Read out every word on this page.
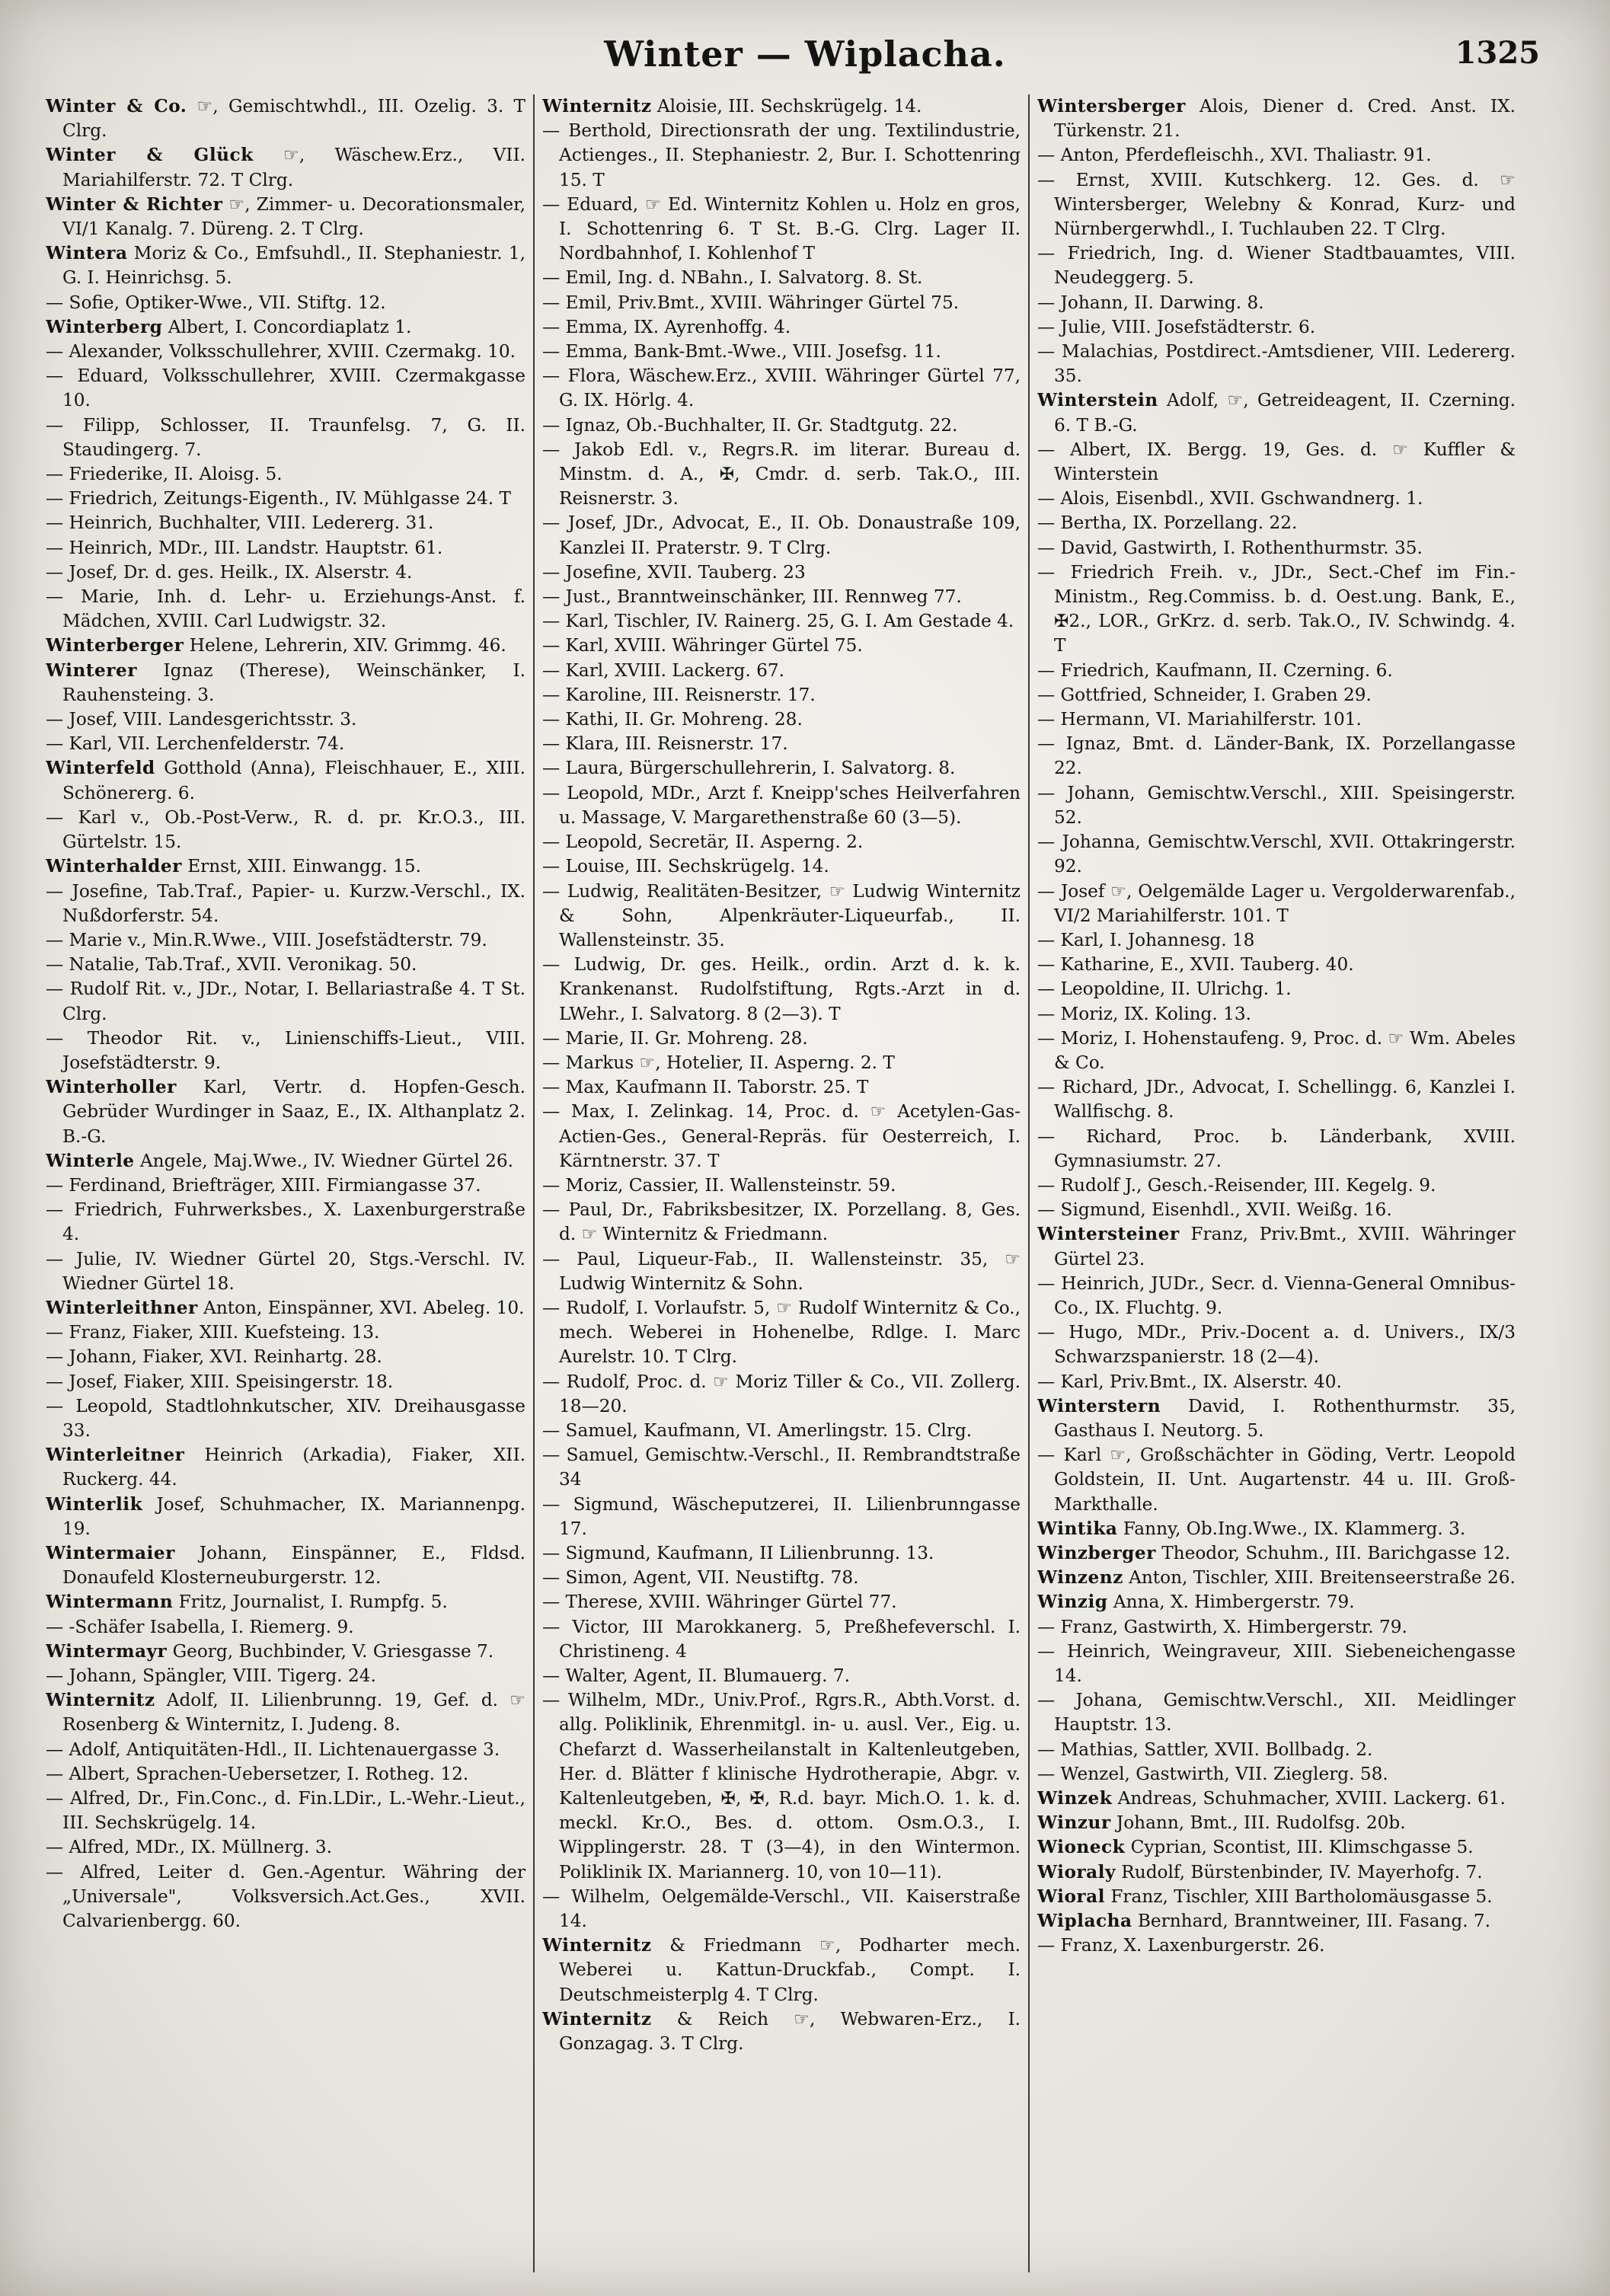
Winter — Wiplacha.	1325
Winter & Co. ☞, Gemischtwhdl., III. Ozelig. 3. T Clrg.
Winter & Glück ☞, Wäschew.Erz., VII. Mariahilferstr. 72. T Clrg.
Winter & Richter ☞, Zimmer- u. Decorationsmaler, VI/1 Kanalg. 7. Düreng. 2. T Clrg.
Wintera Moriz & Co., Emfsuhdl., II. Stephaniestr. 1, G. I. Heinrichsg. 5.
— Sofie, Optiker-Wwe., VII. Stiftg. 12.
Winterberg Albert, I. Concordiaplatz 1.
— Alexander, Volksschullehrer, XVIII. Czermakg. 10.
— Eduard, Volksschullehrer, XVIII. Czermakgasse 10.
— Filipp, Schlosser, II. Traunfelsg. 7, G. II. Staudingerg. 7.
— Friederike, II. Aloisg. 5.
— Friedrich, Zeitungs-Eigenth., IV. Mühlgasse 24. T
— Heinrich, Buchhalter, VIII. Ledererg. 31.
— Heinrich, MDr., III. Landstr. Hauptstr. 61.
— Josef, Dr. d. ges. Heilk., IX. Alserstr. 4.
— Marie, Inh. d. Lehr- u. Erziehungs-Anst. f. Mädchen, XVIII. Carl Ludwigstr. 32.
Winterberger Helene, Lehrerin, XIV. Grimmg. 46.
Winterer Ignaz (Therese), Weinschänker, I. Rauhensteing. 3.
— Josef, VIII. Landesgerichtsstr. 3.
— Karl, VII. Lerchenfelderstr. 74.
Winterfeld Gotthold (Anna), Fleischhauer, E., XIII. Schönererg. 6.
— Karl v., Ob.-Post-Verw., R. d. pr. Kr.O.3., III. Gürtelstr. 15.
Winterhalder Ernst, XIII. Einwangg. 15.
— Josefine, Tab.Traf., Papier- u. Kurzw.-Verschl., IX. Nußdorferstr. 54.
— Marie v., Min.R.Wwe., VIII. Josefstädterstr. 79.
— Natalie, Tab.Traf., XVII. Veronikag. 50.
— Rudolf Rit. v., JDr., Notar, I. Bellariastraße 4. T St. Clrg.
— Theodor Rit. v., Linienschiffs-Lieut., VIII. Josefstädterstr. 9.
Winterholler Karl, Vertr. d. Hopfen-Gesch. Gebrüder Wurdinger in Saaz, E., IX. Althanplatz 2. B.-G.
Winterle Angele, Maj.Wwe., IV. Wiedner Gürtel 26.
— Ferdinand, Briefträger, XIII. Firmiangasse 37.
— Friedrich, Fuhrwerksbes., X. Laxenburgerstraße 4.
— Julie, IV. Wiedner Gürtel 20, Stgs.-Verschl. IV. Wiedner Gürtel 18.
Winterleithner Anton, Einspänner, XVI. Abeleg. 10.
— Franz, Fiaker, XIII. Kuefsteing. 13.
— Johann, Fiaker, XVI. Reinhartg. 28.
— Josef, Fiaker, XIII. Speisingerstr. 18.
— Leopold, Stadtlohnkutscher, XIV. Dreihausgasse 33.
Winterleitner Heinrich (Arkadia), Fiaker, XII. Ruckerg. 44.
Winterlik Josef, Schuhmacher, IX. Mariannenpg. 19.
Wintermaier Johann, Einspänner, E., Fldsd. Donaufeld Klosterneuburgerstr. 12.
Wintermann Fritz, Journalist, I. Rumpfg. 5.
— -Schäfer Isabella, I. Riemerg. 9.
Wintermayr Georg, Buchbinder, V. Griesgasse 7.
— Johann, Spängler, VIII. Tigerg. 24.
Winternitz Adolf, II. Lilienbrunng. 19, Gef. d. ☞ Rosenberg & Winternitz, I. Judeng. 8.
— Adolf, Antiquitäten-Hdl., II. Lichtenauergasse 3.
— Albert, Sprachen-Uebersetzer, I. Rotheg. 12.
— Alfred, Dr., Fin.Conc., d. Fin.LDir., L.-Wehr.-Lieut., III. Sechskrügelg. 14.
— Alfred, MDr., IX. Müllnerg. 3.
— Alfred, Leiter d. Gen.-Agentur. Währing der „Universale", Volksversich.Act.Ges., XVII. Calvarienbergg. 60.
Winternitz Aloisie, III. Sechskrügelg. 14.
— Berthold, Directionsrath der ung. Textilindustrie, Actienges., II. Stephaniestr. 2, Bur. I. Schottenring 15. T
— Eduard, ☞ Ed. Winternitz Kohlen u. Holz en gros, I. Schottenring 6. T St. B.-G. Clrg. Lager II. Nordbahnhof, I. Kohlenhof T
— Emil, Ing. d. NBahn., I. Salvatorg. 8. St.
— Emil, Priv.Bmt., XVIII. Währinger Gürtel 75.
— Emma, IX. Ayrenhoffg. 4.
— Emma, Bank-Bmt.-Wwe., VIII. Josefsg. 11.
— Flora, Wäschew.Erz., XVIII. Währinger Gürtel 77, G. IX. Hörlg. 4.
— Ignaz, Ob.-Buchhalter, II. Gr. Stadtgutg. 22.
— Jakob Edl. v., Regrs.R. im literar. Bureau d. Minstm. d. A., ✠, Cmdr. d. serb. Tak.O., III. Reisnerstr. 3.
— Josef, JDr., Advocat, E., II. Ob. Donaustraße 109, Kanzlei II. Praterstr. 9. T Clrg.
— Josefine, XVII. Tauberg. 23
— Just., Branntweinschänker, III. Rennweg 77.
— Karl, Tischler, IV. Rainerg. 25, G. I. Am Gestade 4.
— Karl, XVIII. Währinger Gürtel 75.
— Karl, XVIII. Lackerg. 67.
— Karoline, III. Reisnerstr. 17.
— Kathi, II. Gr. Mohreng. 28.
— Klara, III. Reisnerstr. 17.
— Laura, Bürgerschullehrerin, I. Salvatorg. 8.
— Leopold, MDr., Arzt f. Kneipp'sches Heilverfahren u. Massage, V. Margarethenstraße 60 (3—5).
— Leopold, Secretär, II. Asperng. 2.
— Louise, III. Sechskrügelg. 14.
— Ludwig, Realitäten-Besitzer, ☞ Ludwig Winternitz & Sohn, Alpenkräuter-Liqueurfab., II. Wallensteinstr. 35.
— Ludwig, Dr. ges. Heilk., ordin. Arzt d. k. k. Krankenanst. Rudolfstiftung, Rgts.-Arzt in d. LWehr., I. Salvatorg. 8 (2—3). T
— Marie, II. Gr. Mohreng. 28.
— Markus ☞, Hotelier, II. Asperng. 2. T
— Max, Kaufmann II. Taborstr. 25. T
— Max, I. Zelinkag. 14, Proc. d. ☞ Acetylen-Gas-Actien-Ges., General-Repräs. für Oesterreich, I. Kärntnerstr. 37. T
— Moriz, Cassier, II. Wallensteinstr. 59.
— Paul, Dr., Fabriksbesitzer, IX. Porzellang. 8, Ges. d. ☞ Winternitz & Friedmann.
— Paul, Liqueur-Fab., II. Wallensteinstr. 35, ☞ Ludwig Winternitz & Sohn.
— Rudolf, I. Vorlaufstr. 5, ☞ Rudolf Winternitz & Co., mech. Weberei in Hohenelbe, Rdlge. I. Marc Aurelstr. 10. T Clrg.
— Rudolf, Proc. d. ☞ Moriz Tiller & Co., VII. Zollerg. 18—20.
— Samuel, Kaufmann, VI. Amerlingstr. 15. Clrg.
— Samuel, Gemischtw.-Verschl., II. Rembrandtstraße 34
— Sigmund, Wäscheputzerei, II. Lilienbrunngasse 17.
— Sigmund, Kaufmann, II Lilienbrunng. 13.
— Simon, Agent, VII. Neustiftg. 78.
— Therese, XVIII. Währinger Gürtel 77.
— Victor, III Marokkanerg. 5, Preßhefeverschl. I. Christineng. 4
— Walter, Agent, II. Blumauerg. 7.
— Wilhelm, MDr., Univ.Prof., Rgrs.R., Abth.Vorst. d. allg. Poliklinik, Ehrenmitgl. in- u. ausl. Ver., Eig. u. Chefarzt d. Wasserheilanstalt in Kaltenleutgeben, Her. d. Blätter f klinische Hydrotherapie, Abgr. v. Kaltenleutgeben, ✠, ✠, R.d. bayr. Mich.O. 1. k. d. meckl. Kr.O., Bes. d. ottom. Osm.O.3., I. Wipplingerstr. 28. T (3—4), in den Wintermon. Poliklinik IX. Mariannerg. 10, von 10—11).
— Wilhelm, Oelgemälde-Verschl., VII. Kaiserstraße 14.
Winternitz & Friedmann ☞, Podharter mech. Weberei u. Kattun-Druckfab., Compt. I. Deutschmeisterplg 4. T Clrg.
Winternitz & Reich ☞, Webwaren-Erz., I. Gonzagag. 3. T Clrg.
Wintersberger Alois, Diener d. Cred. Anst. IX. Türkenstr. 21.
— Anton, Pferdefleischh., XVI. Thaliastr. 91.
— Ernst, XVIII. Kutschkerg. 12. Ges. d. ☞ Wintersberger, Welebny & Konrad, Kurz- und Nürnbergerwhdl., I. Tuchlauben 22. T Clrg.
— Friedrich, Ing. d. Wiener Stadtbauamtes, VIII. Neudeggerg. 5.
— Johann, II. Darwing. 8.
— Julie, VIII. Josefstädterstr. 6.
— Malachias, Postdirect.-Amtsdiener, VIII. Ledererg. 35.
Winterstein Adolf, ☞, Getreideagent, II. Czerning. 6. T B.-G.
— Albert, IX. Bergg. 19, Ges. d. ☞ Kuffler & Winterstein
— Alois, Eisenbdl., XVII. Gschwandnerg. 1.
— Bertha, IX. Porzellang. 22.
— David, Gastwirth, I. Rothenthurmstr. 35.
— Friedrich Freih. v., JDr., Sect.-Chef im Fin.-Ministm., Reg.Commiss. b. d. Oest.ung. Bank, E., ✠2., LOR., GrKrz. d. serb. Tak.O., IV. Schwindg. 4. T
— Friedrich, Kaufmann, II. Czerning. 6.
— Gottfried, Schneider, I. Graben 29.
— Hermann, VI. Mariahilferstr. 101.
— Ignaz, Bmt. d. Länder-Bank, IX. Porzellangasse 22.
— Johann, Gemischtw.Verschl., XIII. Speisingerstr. 52.
— Johanna, Gemischtw.Verschl, XVII. Ottakringerstr. 92.
— Josef ☞, Oelgemälde Lager u. Vergolderwarenfab., VI/2 Mariahilferstr. 101. T
— Karl, I. Johannesg. 18
— Katharine, E., XVII. Tauberg. 40.
— Leopoldine, II. Ulrichg. 1.
— Moriz, IX. Koling. 13.
— Moriz, I. Hohenstaufeng. 9, Proc. d. ☞ Wm. Abeles & Co.
— Richard, JDr., Advocat, I. Schellingg. 6, Kanzlei I. Wallfischg. 8.
— Richard, Proc. b. Länderbank, XVIII. Gymnasiumstr. 27.
— Rudolf J., Gesch.-Reisender, III. Kegelg. 9.
— Sigmund, Eisenhdl., XVII. Weißg. 16.
Wintersteiner Franz, Priv.Bmt., XVIII. Währinger Gürtel 23.
— Heinrich, JUDr., Secr. d. Vienna-General Omnibus-Co., IX. Fluchtg. 9.
— Hugo, MDr., Priv.-Docent a. d. Univers., IX/3 Schwarzspanierstr. 18 (2—4).
— Karl, Priv.Bmt., IX. Alserstr. 40.
Winterstern David, I. Rothenthurmstr. 35, Gasthaus I. Neutorg. 5.
— Karl ☞, Großschächter in Göding, Vertr. Leopold Goldstein, II. Unt. Augartenstr. 44 u. III. Groß-Markthalle.
Wintika Fanny, Ob.Ing.Wwe., IX. Klammerg. 3.
Winzberger Theodor, Schuhm., III. Barichgasse 12.
Winzenz Anton, Tischler, XIII. Breitenseerstraße 26.
Winzig Anna, X. Himbergerstr. 79.
— Franz, Gastwirth, X. Himbergerstr. 79.
— Heinrich, Weingraveur, XIII. Siebeneichengasse 14.
— Johana, Gemischtw.Verschl., XII. Meidlinger Hauptstr. 13.
— Mathias, Sattler, XVII. Bollbadg. 2.
— Wenzel, Gastwirth, VII. Zieglerg. 58.
Winzek Andreas, Schuhmacher, XVIII. Lackerg. 61.
Winzur Johann, Bmt., III. Rudolfsg. 20b.
Wioneck Cyprian, Scontist, III. Klimschgasse 5.
Wioraly Rudolf, Bürstenbinder, IV. Mayerhofg. 7.
Wioral Franz, Tischler, XIII Bartholomäusgasse 5.
Wiplacha Bernhard, Branntweiner, III. Fasang. 7.
— Franz, X. Laxenburgerstr. 26.
